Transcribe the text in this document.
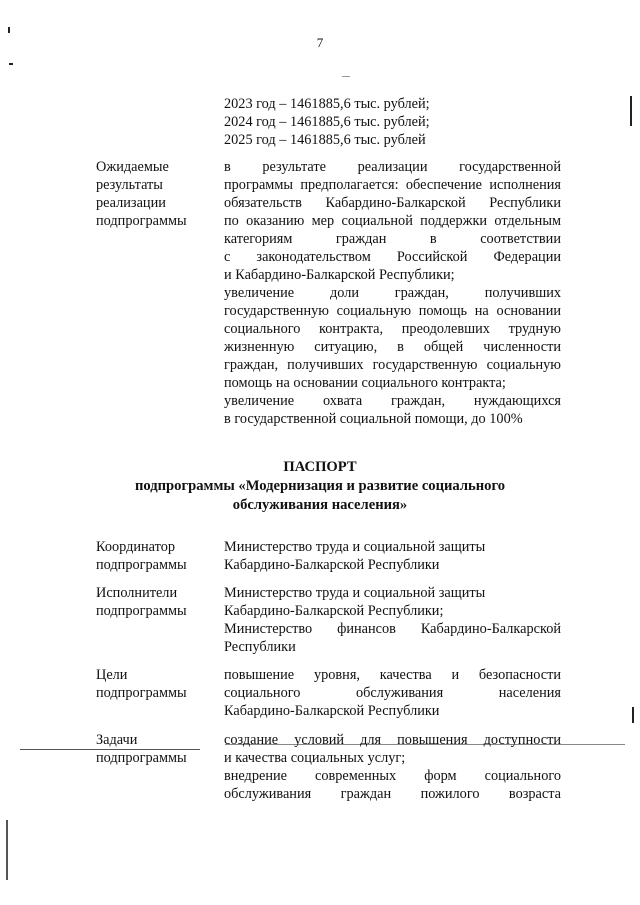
7
2023 год – 1461885,6 тыс. рублей;
2024 год – 1461885,6 тыс. рублей;
2025 год – 1461885,6 тыс. рублей
Ожидаемые
результаты
реализации
подпрограммы
в результате реализации государственной
программы предполагается: обеспечение исполнения
обязательств Кабардино-Балкарской Республики
по оказанию мер социальной поддержки отдельным
категориям граждан в соответствии
с законодательством Российской Федерации
и Кабардино-Балкарской Республики;
увеличение доли граждан, получивших
государственную социальную помощь на основании
социального контракта, преодолевших трудную
жизненную ситуацию, в общей численности
граждан, получивших государственную социальную
помощь на основании социального контракта;
увеличение охвата граждан, нуждающихся
в государственной социальной помощи, до 100%
ПАСПОРТ
подпрограммы «Модернизация и развитие социального
обслуживания населения»
Координатор
подпрограммы
Министерство труда и социальной защиты
Кабардино-Балкарской Республики
Исполнители
подпрограммы
Министерство труда и социальной защиты
Кабардино-Балкарской Республики;
Министерство финансов Кабардино-Балкарской
Республики
Цели
подпрограммы
повышение уровня, качества и безопасности
социального обслуживания населения
Кабардино-Балкарской Республики
Задачи
подпрограммы
создание условий для повышения доступности
и качества социальных услуг;
внедрение современных форм социального
обслуживания граждан пожилого возраста
